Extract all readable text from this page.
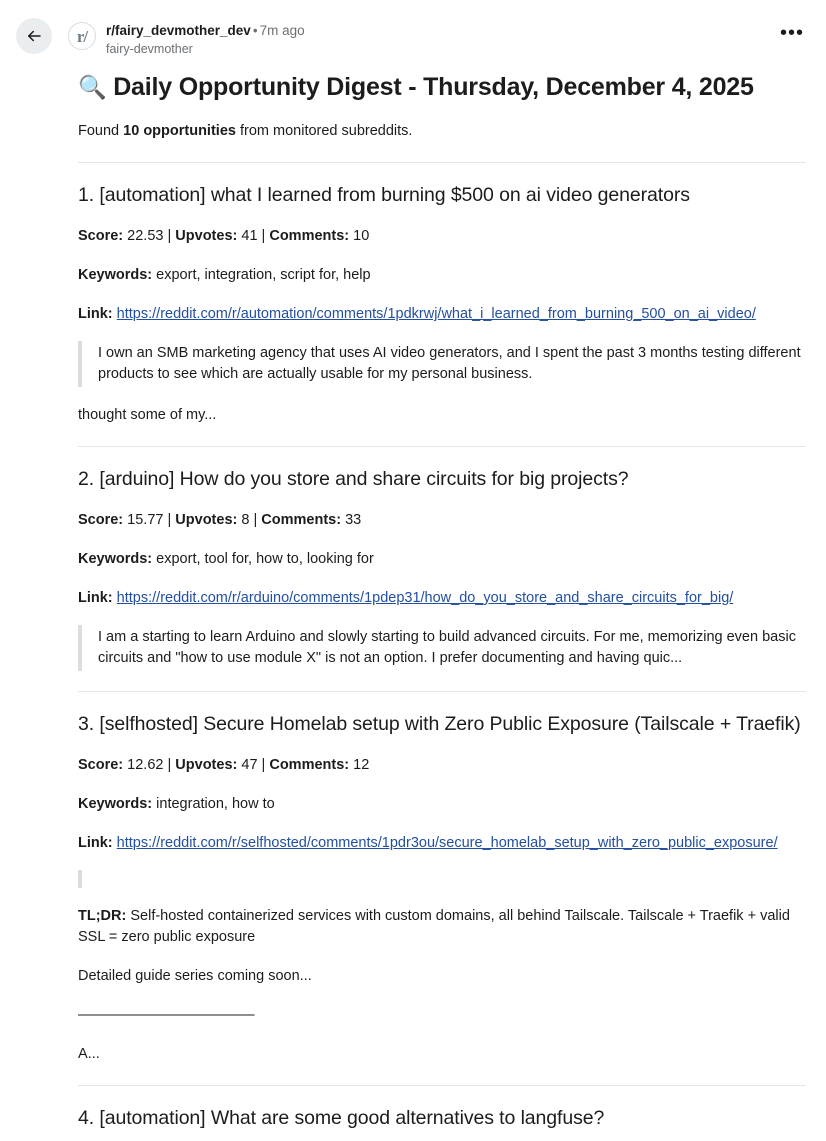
r/ r/fairy_devmother_dev • 7m ago
fairy-devmother
•••
🔍 Daily Opportunity Digest - Thursday, December 4, 2025

Found 10 opportunities from monitored subreddits.

1. [automation] what I learned from burning $500 on ai video generators

Score: 22.53 | Upvotes: 41 | Comments: 10

Keywords: export, integration, script for, help

Link: https://reddit.com/r/automation/comments/1pdkrwj/what_i_learned_from_burning_500_on_ai_video/

I own an SMB marketing agency that uses AI video generators, and I spent the past 3 months testing different products to see which are actually usable for my personal business.

thought some of my...

2. [arduino] How do you store and share circuits for big projects?

Score: 15.77 | Upvotes: 8 | Comments: 33

Keywords: export, tool for, how to, looking for

Link: https://reddit.com/r/arduino/comments/1pdep31/how_do_you_store_and_share_circuits_for_big/

I am a starting to learn Arduino and slowly starting to build advanced circuits. For me, memorizing even basic circuits and "how to use module X" is not an option. I prefer documenting and having quic...
3. [selfhosted] Secure Homelab setup with Zero Public Exposure (Tailscale + Traefik)

Score: 12.62 | Upvotes: 47 | Comments: 12

Keywords: integration, how to

Link: https://reddit.com/r/selfhosted/comments/1pdr3ou/secure_homelab_setup_with_zero_public_exposure/

TL;DR: Self-hosted containerized services with custom domains, all behind Tailscale. Tailscale + Traefik + valid SSL = zero public exposure

Detailed guide series coming soon...

—————————————

A...

4. [automation] What are some good alternatives to langfuse?
